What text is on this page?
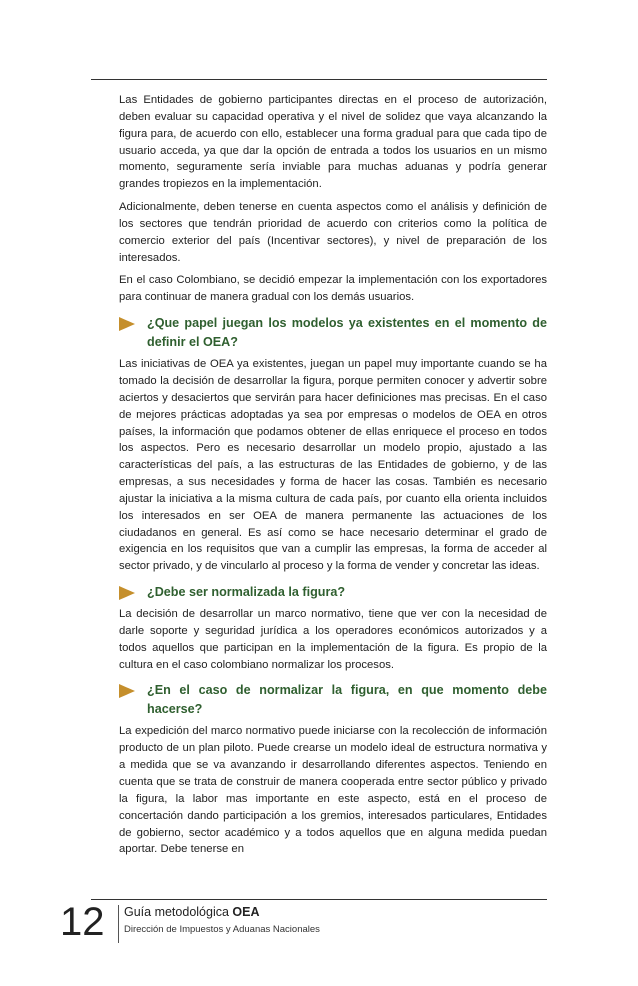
Las Entidades de gobierno participantes directas en el proceso de autorización, deben evaluar su capacidad operativa y el nivel de solidez que vaya alcanzando la figura para, de acuerdo con ello, establecer una forma gradual para que cada tipo de usuario acceda, ya que dar la opción de entrada a todos los usuarios en un mismo momento, seguramente sería inviable para muchas aduanas y podría generar grandes tropiezos en la implementación.

Adicionalmente, deben tenerse en cuenta aspectos como el análisis y definición de los sectores que tendrán prioridad de acuerdo con criterios como la política de comercio exterior del país (Incentivar sectores), y nivel de preparación de los interesados.

En el caso Colombiano, se decidió empezar la implementación con los exportadores para continuar de manera gradual con los demás usuarios.

¿Que papel juegan los modelos ya existentes en el momento de definir el OEA?

Las iniciativas de OEA ya existentes, juegan un papel muy importante cuando se ha tomado la decisión de desarrollar la figura, porque permiten conocer y advertir sobre aciertos y desaciertos que servirán para hacer definiciones mas precisas. En el caso de mejores prácticas adoptadas ya sea por empresas o modelos de OEA en otros países, la información que podamos obtener de ellas enriquece el proceso en todos los aspectos. Pero es necesario desarrollar un modelo propio, ajustado a las características del país, a las estructuras de las Entidades de gobierno, y de las empresas, a sus necesidades y forma de hacer las cosas. También es necesario ajustar la iniciativa a la misma cultura de cada país, por cuanto ella orienta incluidos los interesados en ser OEA de manera permanente las actuaciones de los ciudadanos en general. Es así como se hace necesario determinar el grado de exigencia en los requisitos que van a cumplir las empresas, la forma de acceder al sector privado, y de vincularlo al proceso y la forma de vender y concretar las ideas.

¿Debe ser normalizada la figura?

La decisión de desarrollar un marco normativo, tiene que ver con la necesidad de darle soporte y seguridad jurídica a los operadores económicos autorizados y a todos aquellos que participan en la implementación de la figura. Es propio de la cultura en el caso colombiano normalizar los procesos.

¿En el caso de normalizar la figura, en que momento debe hacerse?

La expedición del marco normativo puede iniciarse con la recolección de información producto de un plan piloto. Puede crearse un modelo ideal de estructura normativa y a medida que se va avanzando ir desarrollando diferentes aspectos. Teniendo en cuenta que se trata de construir de manera cooperada entre sector público y privado la figura, la labor mas importante en este aspecto, está en el proceso de concertación dando participación a los gremios, interesados particulares, Entidades de gobierno, sector académico y a todos aquellos que en alguna medida puedan aportar. Debe tenerse en

12 Guía metodológica OEA
Dirección de Impuestos y Aduanas Nacionales
